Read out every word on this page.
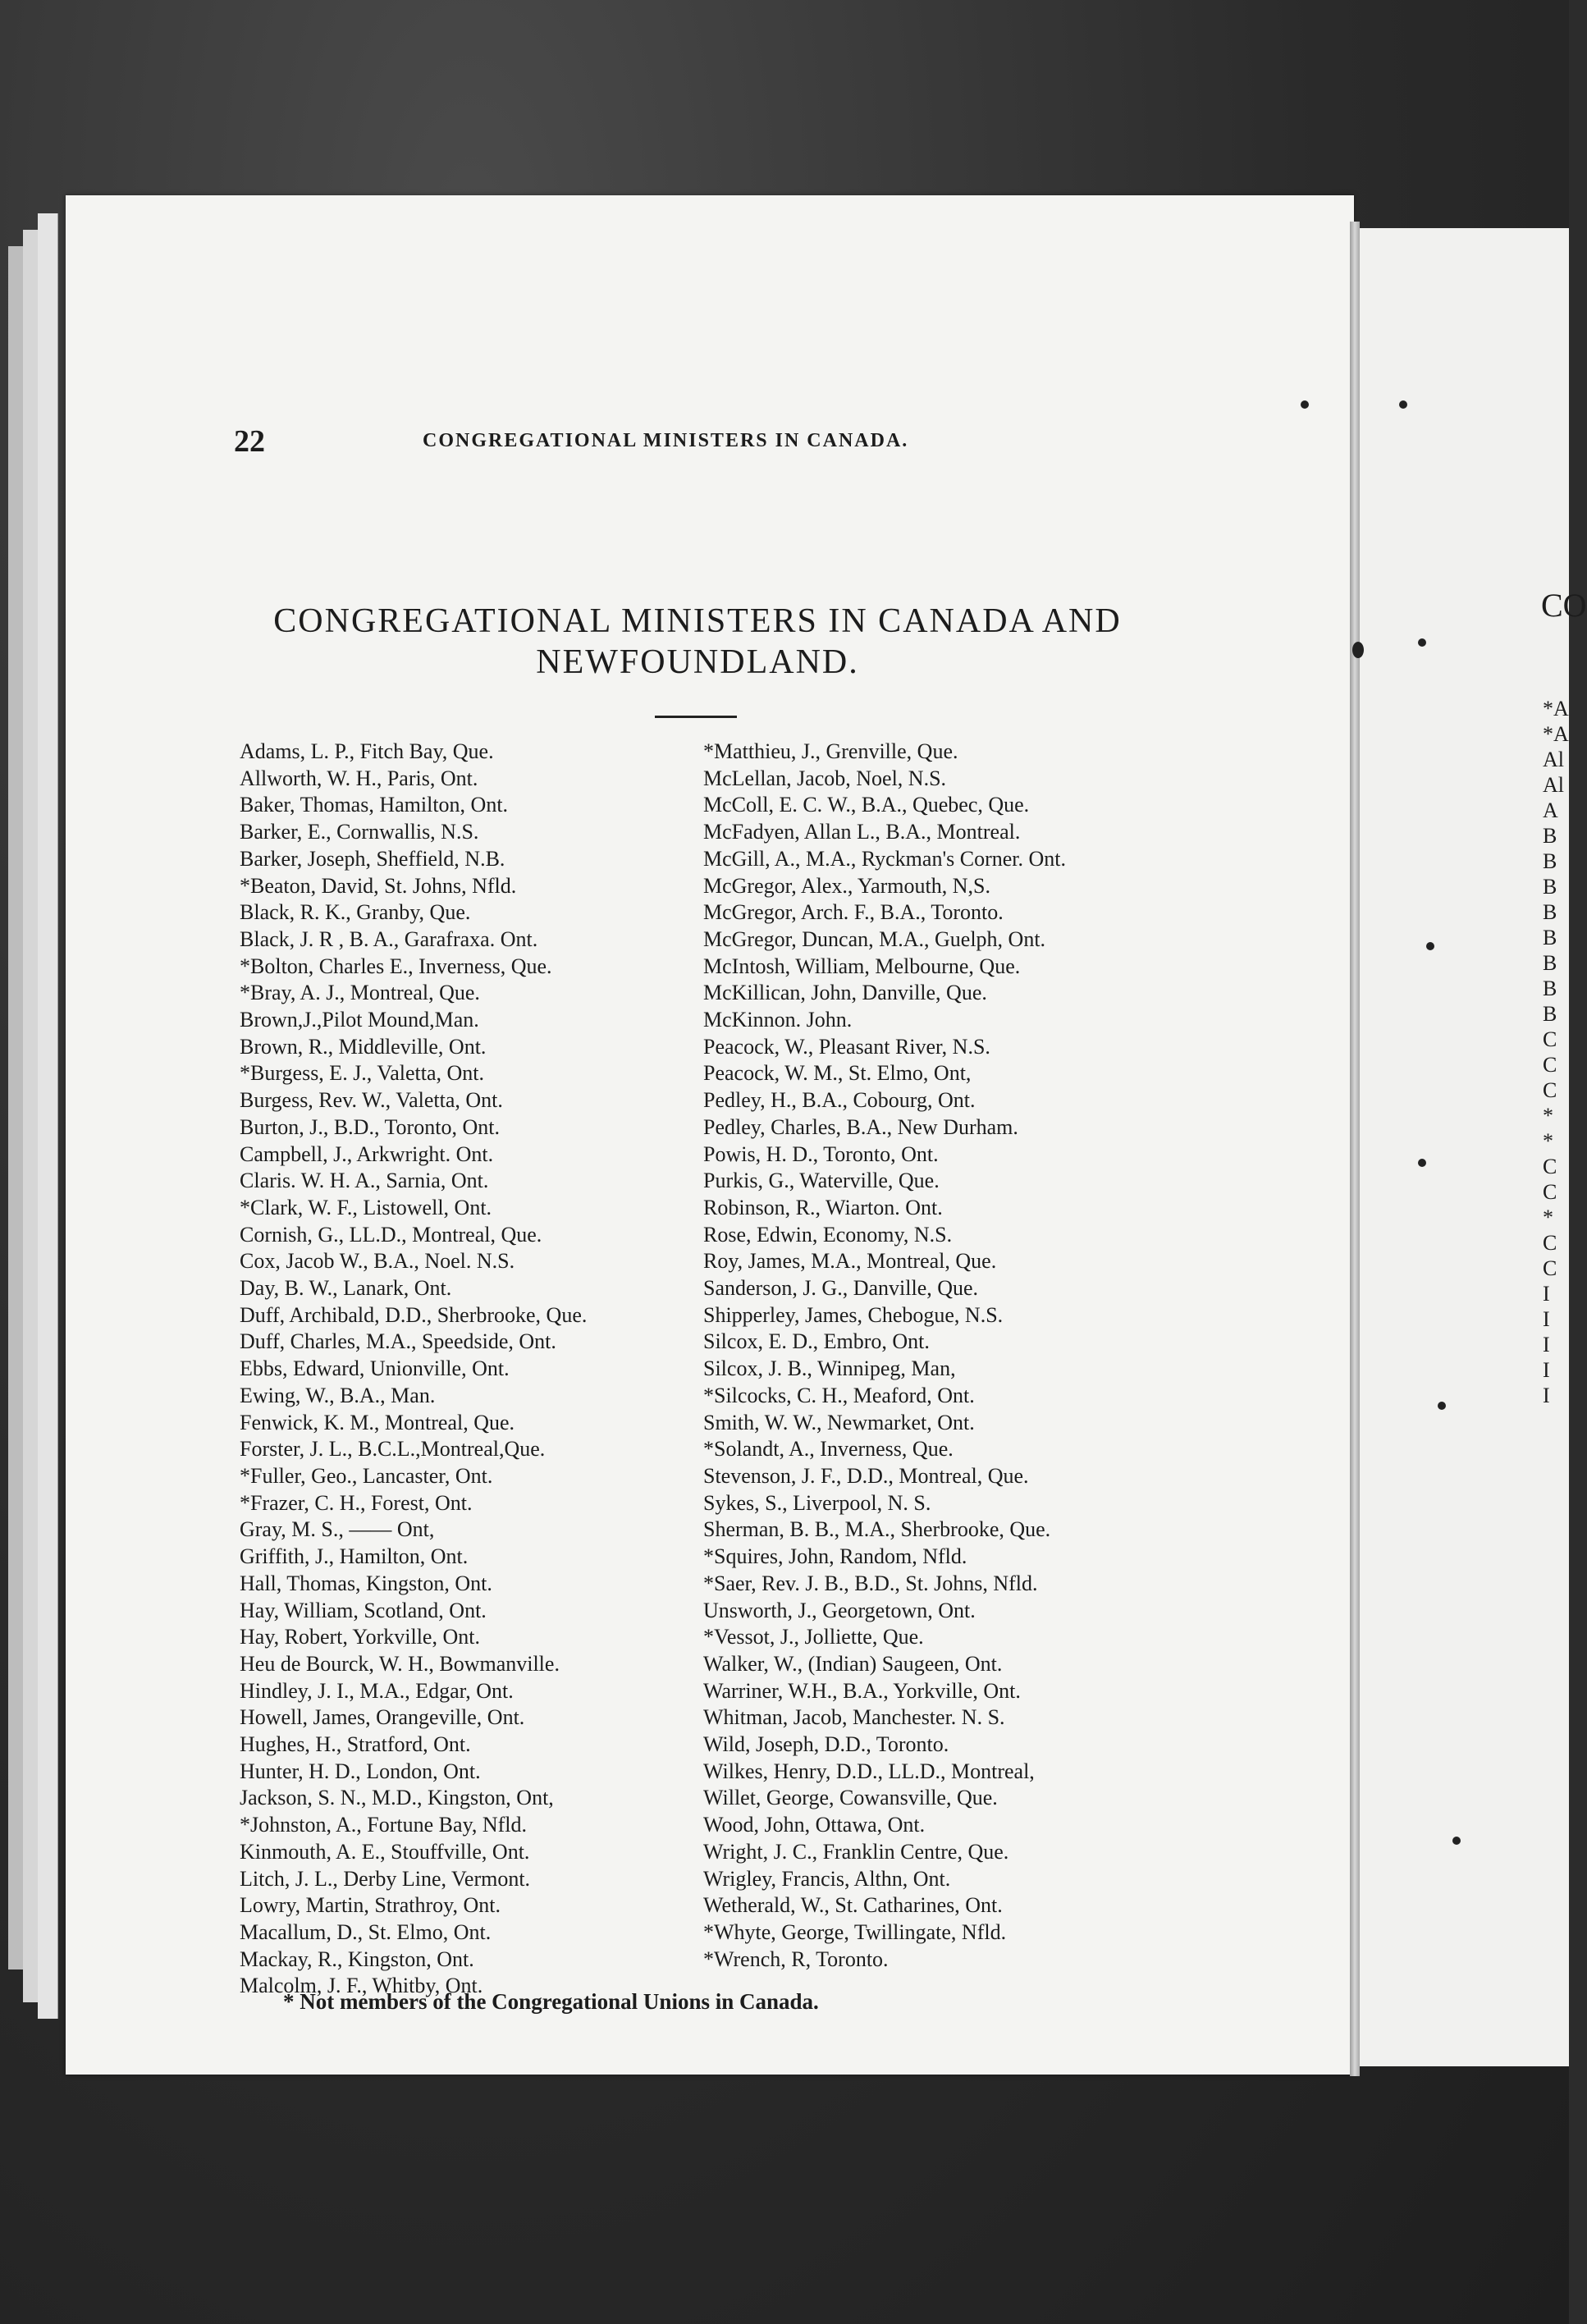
22	CONGREGATIONAL MINISTERS IN CANADA.
CONGREGATIONAL MINISTERS IN CANADA AND
NEWFOUNDLAND.
Adams, L. P., Fitch Bay, Que.
Allworth, W. H., Paris, Ont.
Baker, Thomas, Hamilton, Ont.
Barker, E., Cornwallis, N.S.
Barker, Joseph, Sheffield, N.B.
*Beaton, David, St. Johns, Nfld.
Black, R. K., Granby, Que.
Black, J. R , B. A., Garafraxa. Ont.
*Bolton, Charles E., Inverness, Que.
*Bray, A. J., Montreal, Que.
Brown,J.,Pilot Mound,Man.
Brown, R., Middleville, Ont.
*Burgess, E. J., Valetta, Ont.
Burgess, Rev. W., Valetta, Ont.
Burton, J., B.D., Toronto, Ont.
Campbell, J., Arkwright. Ont.
Claris. W. H. A., Sarnia, Ont.
*Clark, W. F., Listowell, Ont.
Cornish, G., LL.D., Montreal, Que.
Cox, Jacob W., B.A., Noel. N.S.
Day, B. W., Lanark, Ont.
Duff, Archibald, D.D., Sherbrooke, Que.
Duff, Charles, M.A., Speedside, Ont.
Ebbs, Edward, Unionville, Ont.
Ewing, W., B.A., Man.
Fenwick, K. M., Montreal, Que.
Forster, J. L., B.C.L.,Montreal,Que.
*Fuller, Geo., Lancaster, Ont.
*Frazer, C. H., Forest, Ont.
Gray, M. S., —— Ont,
Griffith, J., Hamilton, Ont.
Hall, Thomas, Kingston, Ont.
Hay, William, Scotland, Ont.
Hay, Robert, Yorkville, Ont.
Heu de Bourck, W. H., Bowmanville.
Hindley, J. I., M.A., Edgar, Ont.
Howell, James, Orangeville, Ont.
Hughes, H., Stratford, Ont.
Hunter, H. D., London, Ont.
Jackson, S. N., M.D., Kingston, Ont,
*Johnston, A., Fortune Bay, Nfld.
Kinmouth, A. E., Stouffville, Ont.
Litch, J. L., Derby Line, Vermont.
Lowry, Martin, Strathroy, Ont.
Macallum, D., St. Elmo, Ont.
Mackay, R., Kingston, Ont.
Malcolm, J. F., Whitby, Ont.
*Matthieu, J., Grenville, Que.
McLellan, Jacob, Noel, N.S.
McColl, E. C. W., B.A., Quebec, Que.
McFadyen, Allan L., B.A., Montreal.
McGill, A., M.A., Ryckman's Corner. Ont.
McGregor, Alex., Yarmouth, N,S.
McGregor, Arch. F., B.A., Toronto.
McGregor, Duncan, M.A., Guelph, Ont.
McIntosh, William, Melbourne, Que.
McKillican, John, Danville, Que.
McKinnon. John.
Peacock, W., Pleasant River, N.S.
Peacock, W. M., St. Elmo, Ont,
Pedley, H., B.A., Cobourg, Ont.
Pedley, Charles, B.A., New Durham.
Powis, H. D., Toronto, Ont.
Purkis, G., Waterville, Que.
Robinson, R., Wiarton. Ont.
Rose, Edwin, Economy, N.S.
Roy, James, M.A., Montreal, Que.
Sanderson, J. G., Danville, Que.
Shipperley, James, Chebogue, N.S.
Silcox, E. D., Embro, Ont.
Silcox, J. B., Winnipeg, Man,
*Silcocks, C. H., Meaford, Ont.
Smith, W. W., Newmarket, Ont.
*Solandt, A., Inverness, Que.
Stevenson, J. F., D.D., Montreal, Que.
Sykes, S., Liverpool, N. S.
Sherman, B. B., M.A., Sherbrooke, Que.
*Squires, John, Random, Nfld.
*Saer, Rev. J. B., B.D., St. Johns, Nfld.
Unsworth, J., Georgetown, Ont.
*Vessot, J., Jolliette, Que.
Walker, W., (Indian) Saugeen, Ont.
Warriner, W.H., B.A., Yorkville, Ont.
Whitman, Jacob, Manchester. N. S.
Wild, Joseph, D.D., Toronto.
Wilkes, Henry, D.D., LL.D., Montreal,
Willet, George, Cowansville, Que.
Wood, John, Ottawa, Ont.
Wright, J. C., Franklin Centre, Que.
Wrigley, Francis, Althn, Ont.
Wetherald, W., St. Catharines, Ont.
*Whyte, George, Twillingate, Nfld.
*Wrench, R, Toronto.
* Not members of the Congregational Unions in Canada.
CO
*A
*A
Al
Al
A
B
B
B
B
B
B
B
B
C
C
C
*
*
C
C
*
C
C
I
I
I
I
I
